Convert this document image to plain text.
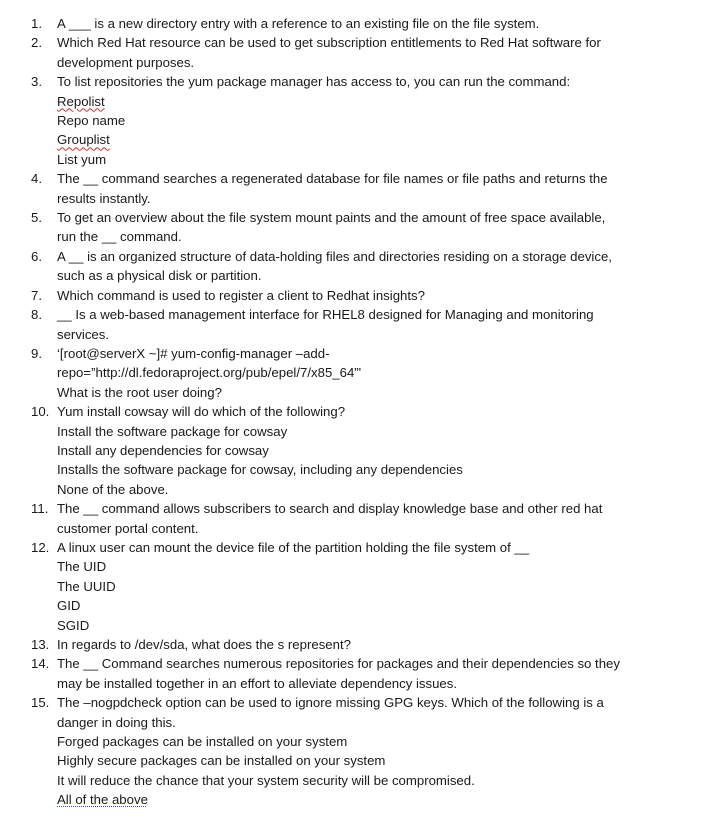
1.	A ___ is a new directory entry with a reference to an existing file on the file system.
2.	Which Red Hat resource can be used to get subscription entitlements to Red Hat software for
development purposes.
3.	To list repositories the yum package manager has access to, you can run the command:
Repolist
Repo name
Grouplist
List yum
4.	The __ command searches a regenerated database for file names or file paths and returns the
results instantly.
5.	To get an overview about the file system mount paints and the amount of free space available,
run the __ command.
6.	A __ is an organized structure of data-holding files and directories residing on a storage device,
such as a physical disk or partition.
7.	Which command is used to register a client to Redhat insights?
8.	__ Is a web-based management interface for RHEL8 designed for Managing and monitoring
services.
9.	‘[root@serverX ~]# yum-config-manager –add-
repo=”http://dl.fedoraproject.org/pub/epel/7/x85_64”'
What is the root user doing?
10. Yum install cowsay will do which of the following?
Install the software package for cowsay
Install any dependencies for cowsay
Installs the software package for cowsay, including any dependencies
None of the above.
11. The __ command allows subscribers to search and display knowledge base and other red hat
customer portal content.
12. A linux user can mount the device file of the partition holding the file system of __
The UID
The UUID
GID
SGID
13. In regards to /dev/sda, what does the s represent?
14. The __ Command searches numerous repositories for packages and their dependencies so they
may be installed together in an effort to alleviate dependency issues.
15. The –nogpdcheck option can be used to ignore missing GPG keys. Which of the following is a
danger in doing this.
Forged packages can be installed on your system
Highly secure packages can be installed on your system
It will reduce the chance that your system security will be compromised.
All of the above
